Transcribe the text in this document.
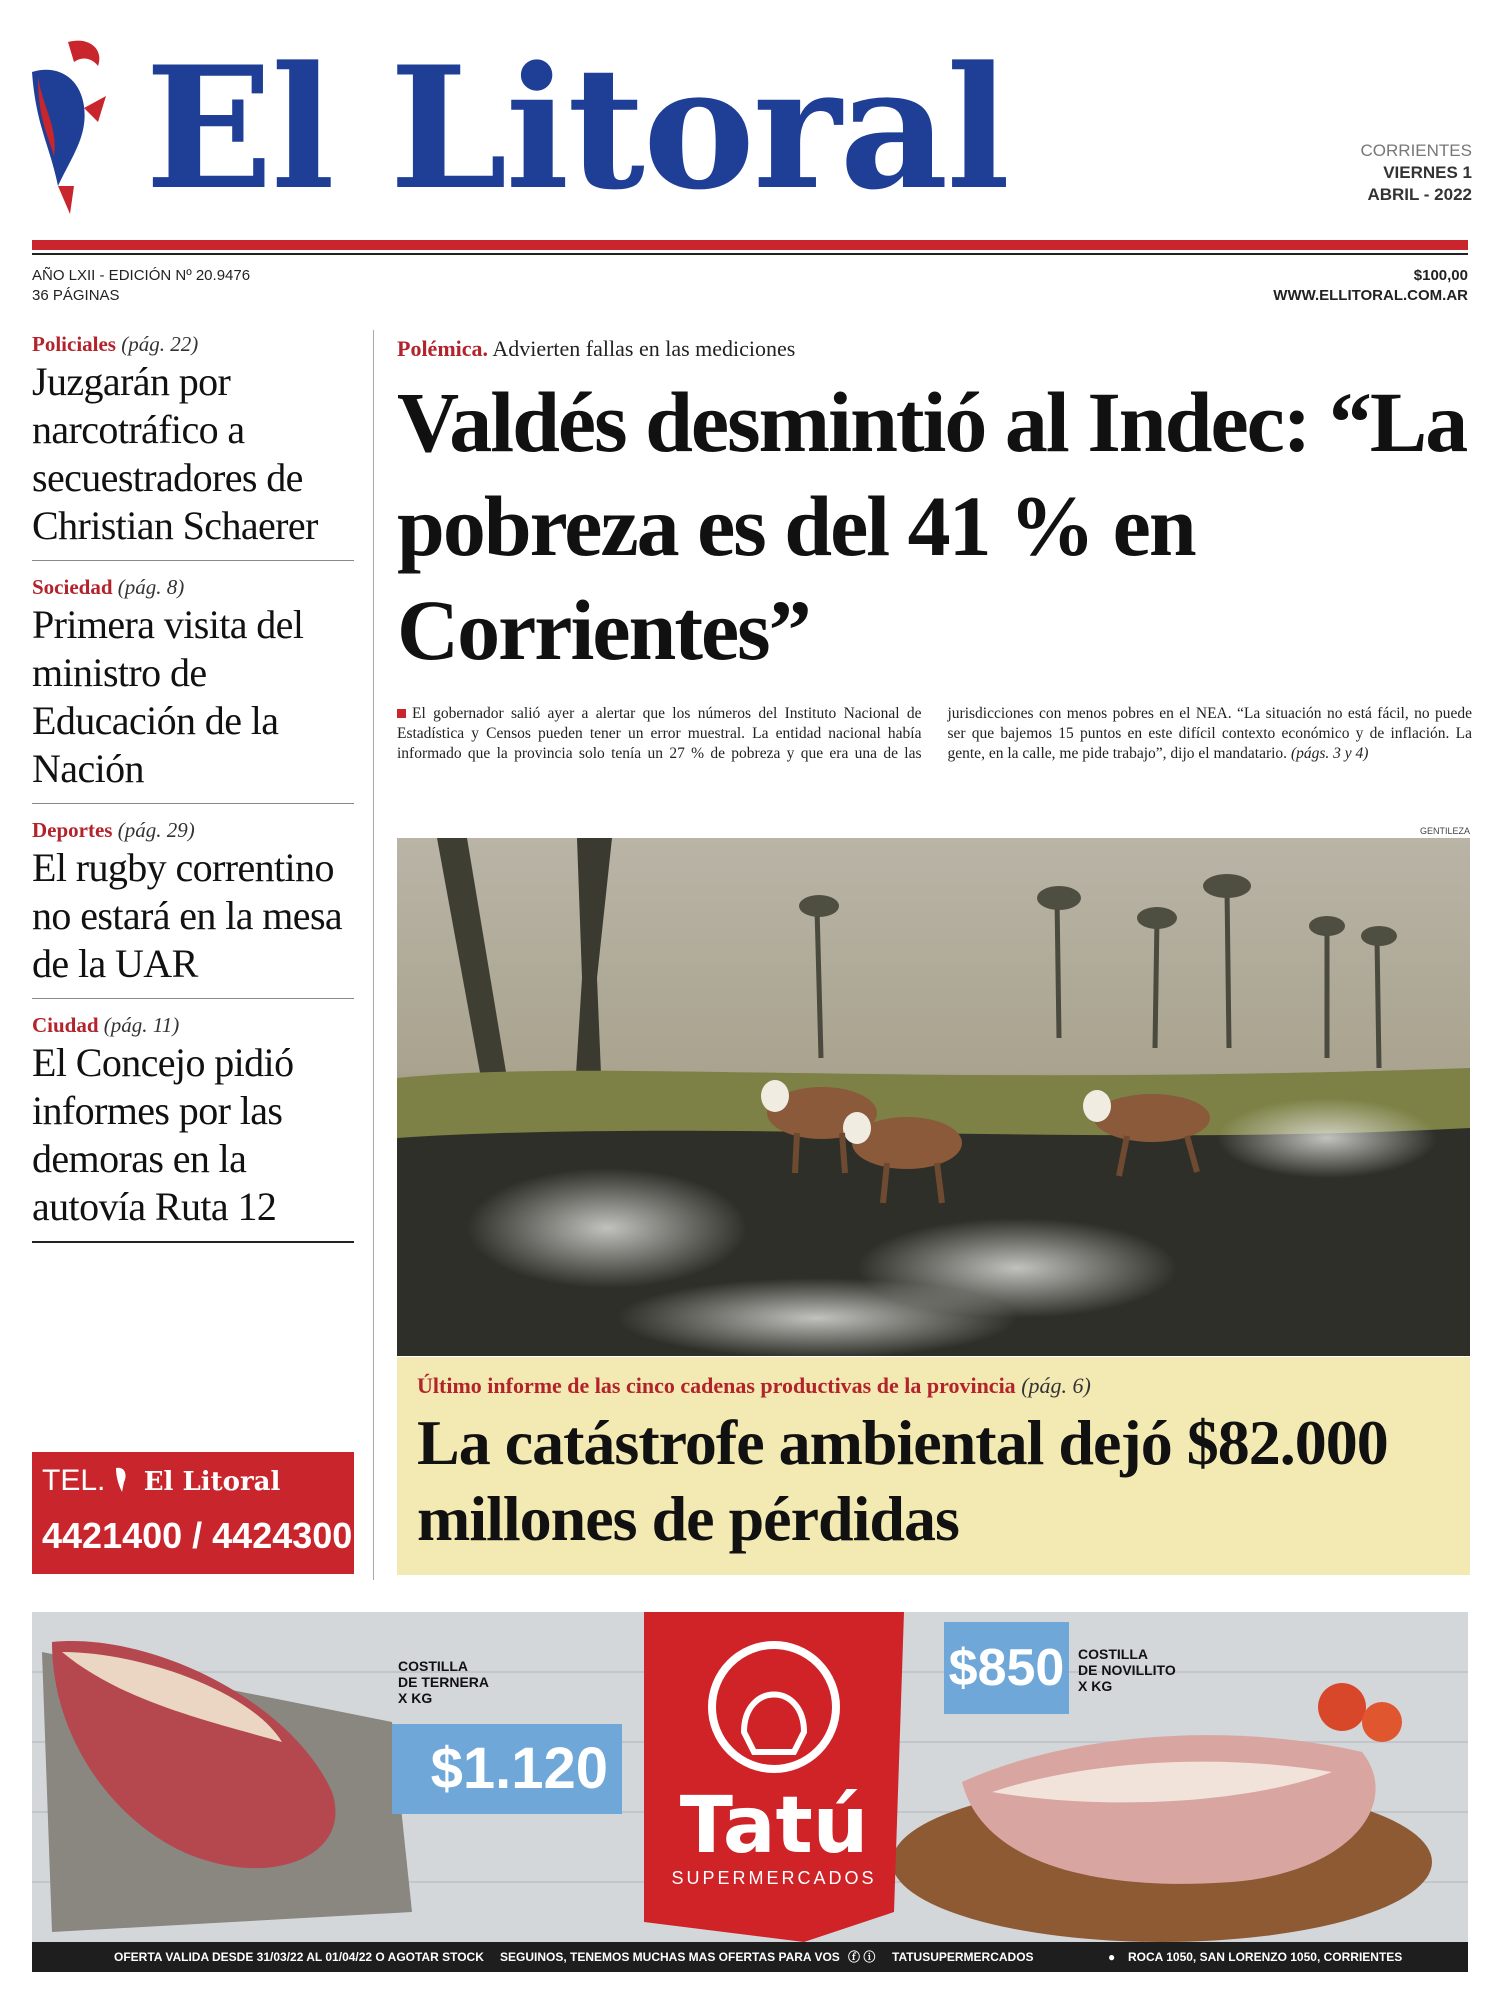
El Litoral	CORRIENTES
VIERNES 1
ABRIL - 2022
AÑO LXII - EDICIÓN Nº 20.9476
36 PÁGINAS
$100,00
WWW.ELLITORAL.COM.AR
Policiales (pág. 22)
Juzgarán por narcotráfico a secuestradores de Christian Schaerer
Sociedad (pág. 8)
Primera visita del ministro de Educación de la Nación
Deportes (pág. 29)
El rugby correntino no estará en la mesa de la UAR
Ciudad (pág. 11)
El Concejo pidió informes por las demoras en la autovía Ruta 12
TEL. El Litoral
4421400 / 4424300
Polémica. Advierten fallas en las mediciones
Valdés desmintió al Indec: “La pobreza es del 41 % en Corrientes”
El gobernador salió ayer a alertar que los números del Instituto Nacional de Estadística y Censos pueden tener un error muestral. La entidad nacional había informado que la provincia solo tenía un 27 % de pobreza y que era una de las jurisdicciones con menos pobres en el NEA. “La situación no está fácil, no puede ser que bajemos 15 puntos en este difícil contexto económico y de inflación. La gente, en la calle, me pide trabajo”, dijo el mandatario. (págs. 3 y 4)
GENTILEZA
Último informe de las cinco cadenas productivas de la provincia (pág. 6)
La catástrofe ambiental dejó $82.000 millones de pérdidas
COSTILLA
DE TERNERA
X KG
$1.120
Tatú
SUPERMERCADOS
$850 COSTILLA
DE NOVILLITO
X KG
OFERTA VALIDA DESDE 31/03/22 AL 01/04/22 O AGOTAR STOCK SEGUINOS, TENEMOS MUCHAS MAS OFERTAS PARA VOS ⓕ ⓘ TATUSUPERMERCADOS	● ROCA 1050, SAN LORENZO 1050, CORRIENTES
